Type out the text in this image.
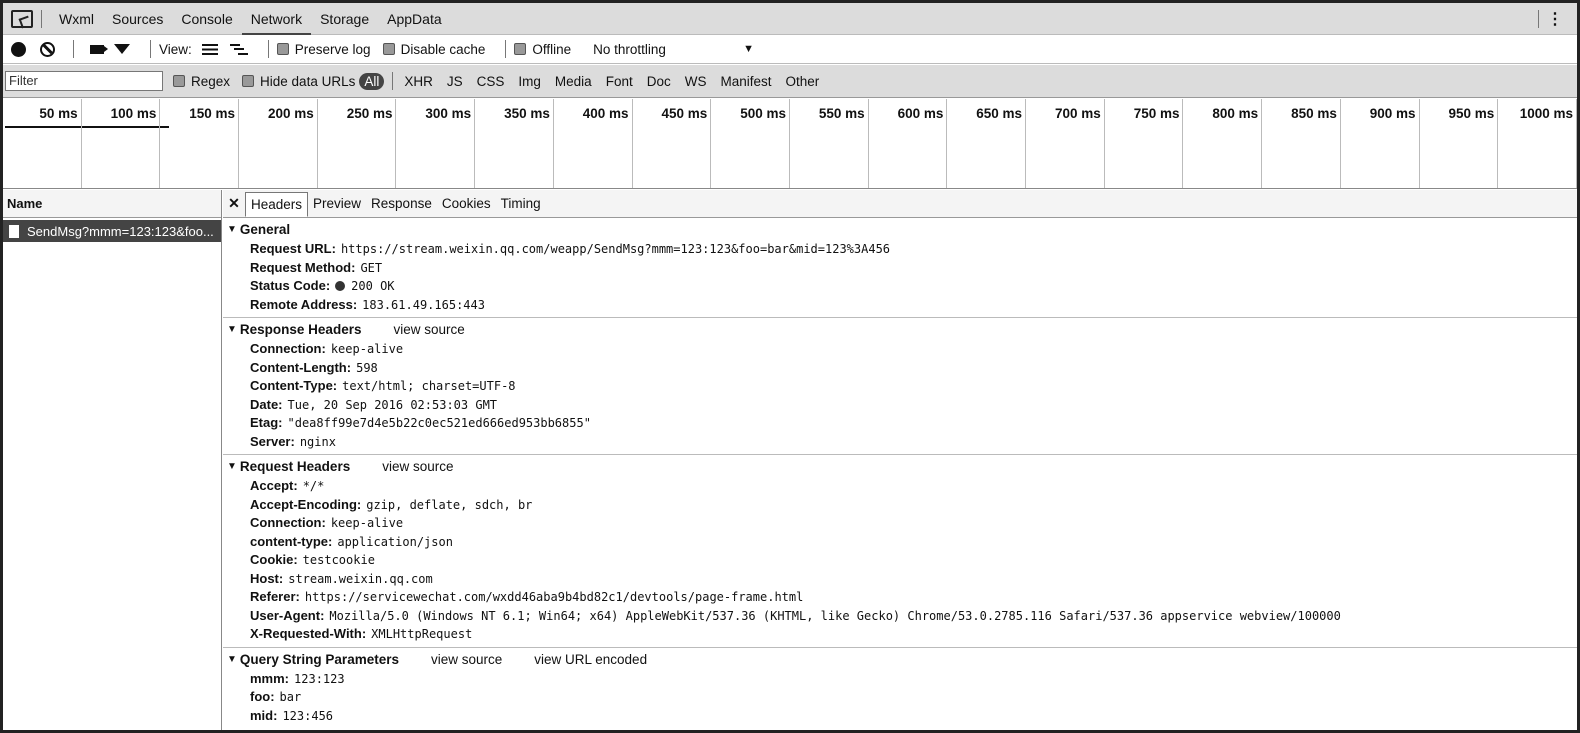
Wxml	Sources	Console	Network	Storage	AppData	⋮
View:	Preserve log Disable cache	Offline No throttling	▼
Filter	Regex Hide data URLs All	XHR JS CSS Img Media Font Doc WS Manifest Other
50 ms 100 ms 150 ms 200 ms 250 ms 300 ms 350 ms 400 ms 450 ms 500 ms 550 ms 600 ms 650 ms 700 ms 750 ms 800 ms 850 ms 900 ms 950 ms 1000 ms
Name
SendMsg?mmm=123:123&foo...
✕ Headers Preview Response Cookies Timing
▼ General
Request URL: https://stream.weixin.qq.com/weapp/SendMsg?mmm=123:123&foo=bar&mid=123%3A456
Request Method: GET
Status Code: 200 OK
Remote Address: 183.61.49.165:443
▼ Response Headers view source
Connection: keep-alive
Content-Length: 598
Content-Type: text/html; charset=UTF-8
Date: Tue, 20 Sep 2016 02:53:03 GMT
Etag: "dea8ff99e7d4e5b22c0ec521ed666ed953bb6855"
Server: nginx
▼ Request Headers view source
Accept: */*
Accept-Encoding: gzip, deflate, sdch, br
Connection: keep-alive
content-type: application/json
Cookie: testcookie
Host: stream.weixin.qq.com
Referer: https://servicewechat.com/wxdd46aba9b4bd82c1/devtools/page-frame.html
User-Agent: Mozilla/5.0 (Windows NT 6.1; Win64; x64) AppleWebKit/537.36 (KHTML, like Gecko) Chrome/53.0.2785.116 Safari/537.36 appservice webview/100000
X-Requested-With: XMLHttpRequest
▼ Query String Parameters view source view URL encoded
mmm: 123:123
foo: bar
mid: 123:456
